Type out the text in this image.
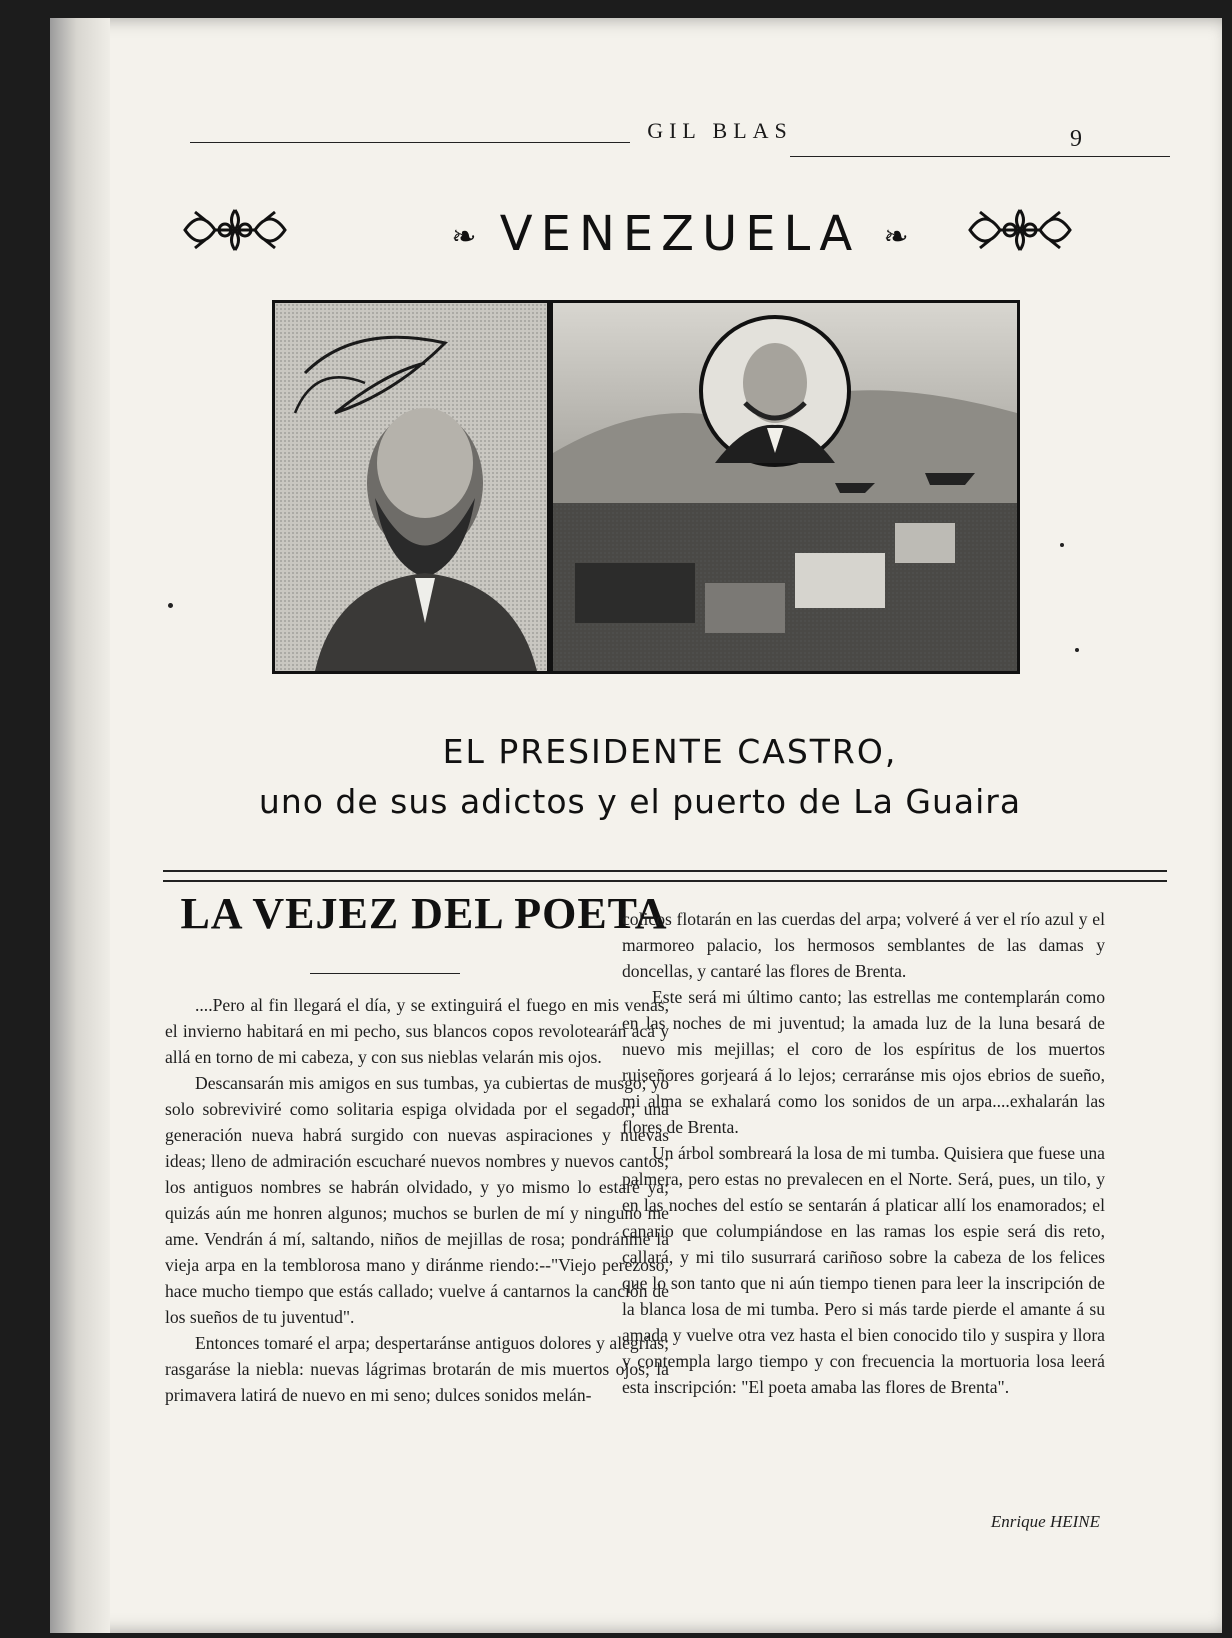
GIL BLAS	9
❧ VENEZUELA ❧
EL PRESIDENTE CASTRO,
uno de sus adictos y el puerto de La Guaira
LA VEJEZ DEL POETA

....Pero al fin llegará el día, y se extinguirá el fuego en mis venas, el invierno habitará en mi pecho, sus blancos copos revolotearán acá y allá en torno de mi cabeza, y con sus nieblas velarán mis ojos.

Descansarán mis amigos en sus tumbas, ya cubiertas de musgo; yo solo sobreviviré como solitaria espiga olvidada por el segador; una generación nueva habrá surgido con nuevas aspiraciones y nuevas ideas; lleno de admiración escucharé nuevos nombres y nuevos cantos; los antiguos nombres se habrán olvidado, y yo mismo lo estaré ya; quizás aún me honren algunos; muchos se burlen de mí y ninguno me ame. Vendrán á mí, saltando, niños de mejillas de rosa; pondránme la vieja arpa en la temblorosa mano y diránme riendo:--"Viejo perezoso, hace mucho tiempo que estás callado; vuelve á cantarnos la canción de los sueños de tu juventud".

Entonces tomaré el arpa; despertaránse antiguos dolores y alegrías; rasgaráse la niebla: nuevas lágrimas brotarán de mis muertos ojos; la primavera latirá de nuevo en mi seno; dulces sonidos melán-

colicos flotarán en las cuerdas del arpa; volveré á ver el río azul y el marmoreo palacio, los hermosos semblantes de las damas y doncellas, y cantaré las flores de Brenta.

Este será mi último canto; las estrellas me contemplarán como en las noches de mi juventud; la amada luz de la luna besará de nuevo mis mejillas; el coro de los espíritus de los muertos ruiseñores gorjeará á lo lejos; cerraránse mis ojos ebrios de sueño, mi alma se exhalará como los sonidos de un arpa....exhalarán las flores de Brenta.

Un árbol sombreará la losa de mi tumba. Quisiera que fuese una palmera, pero estas no prevalecen en el Norte. Será, pues, un tilo, y en las noches del estío se sentarán á platicar allí los enamorados; el canario que columpiándose en las ramas los espie será dis reto, callará, y mi tilo susurrará cariñoso sobre la cabeza de los felices que lo son tanto que ni aún tiempo tienen para leer la inscripción de la blanca losa de mi tumba. Pero si más tarde pierde el amante á su amada y vuelve otra vez hasta el bien conocido tilo y suspira y llora y contempla largo tiempo y con frecuencia la mortuoria losa leerá esta inscripción: "El poeta amaba las flores de Brenta".

Enrique HEINE
